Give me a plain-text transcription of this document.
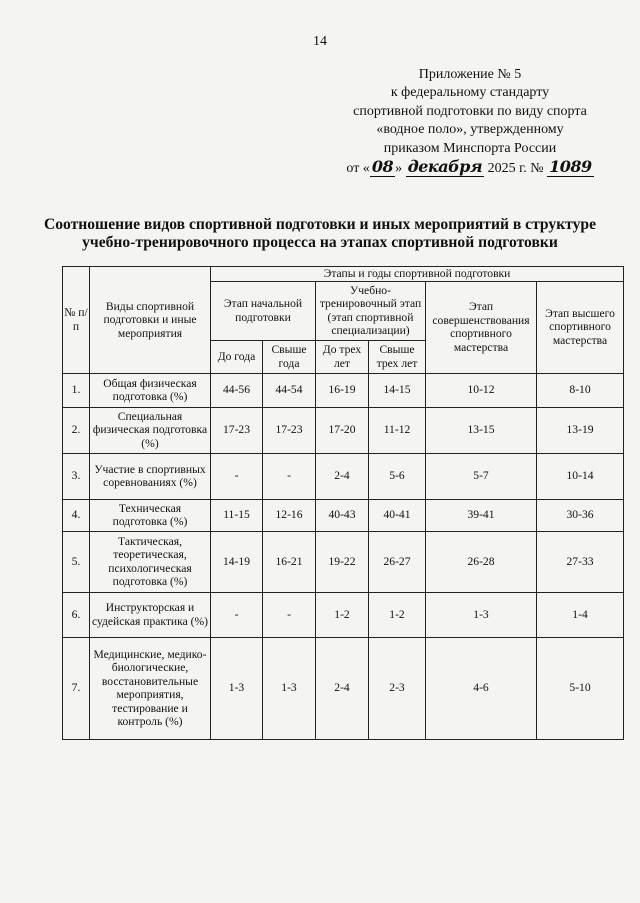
14
Приложение № 5
к федеральному стандарту
спортивной подготовки по виду спорта
«водное поло», утвержденному
приказом Минспорта России
от « 08 » декабря 2025 г. № 1089
Соотношение видов спортивной подготовки и иных мероприятий в структуре
учебно-тренировочного процесса на этапах спортивной подготовки
№ п/п	Виды спортивной подготовки и иные мероприятия	Этапы и годы спортивной подготовки					
		Этап начальной подготовки		Учебно-тренировочный этап (этап спортивной специализации)		Этап совершенствования спортивного мастерства	Этап высшего спортивного мастерства
		До года	Свыше года	До трех лет	Свыше трех лет		
1.	Общая физическая подготовка (%)	44-56	44-54	16-19	14-15	10-12	8-10
2.	Специальная физическая подготовка (%)	17-23	17-23	17-20	11-12	13-15	13-19
3.	Участие в спортивных соревнованиях (%)	-	-	2-4	5-6	5-7	10-14
4.	Техническая подготовка (%)	11-15	12-16	40-43	40-41	39-41	30-36
5.	Тактическая, теоретическая, психологическая подготовка (%)	14-19	16-21	19-22	26-27	26-28	27-33
6.	Инструкторская и судейская практика (%)	-	-	1-2	1-2	1-3	1-4
7.	Медицинские, медико-биологические, восстановительные мероприятия, тестирование и контроль (%)	1-3	1-3	2-4	2-3	4-6	5-10
